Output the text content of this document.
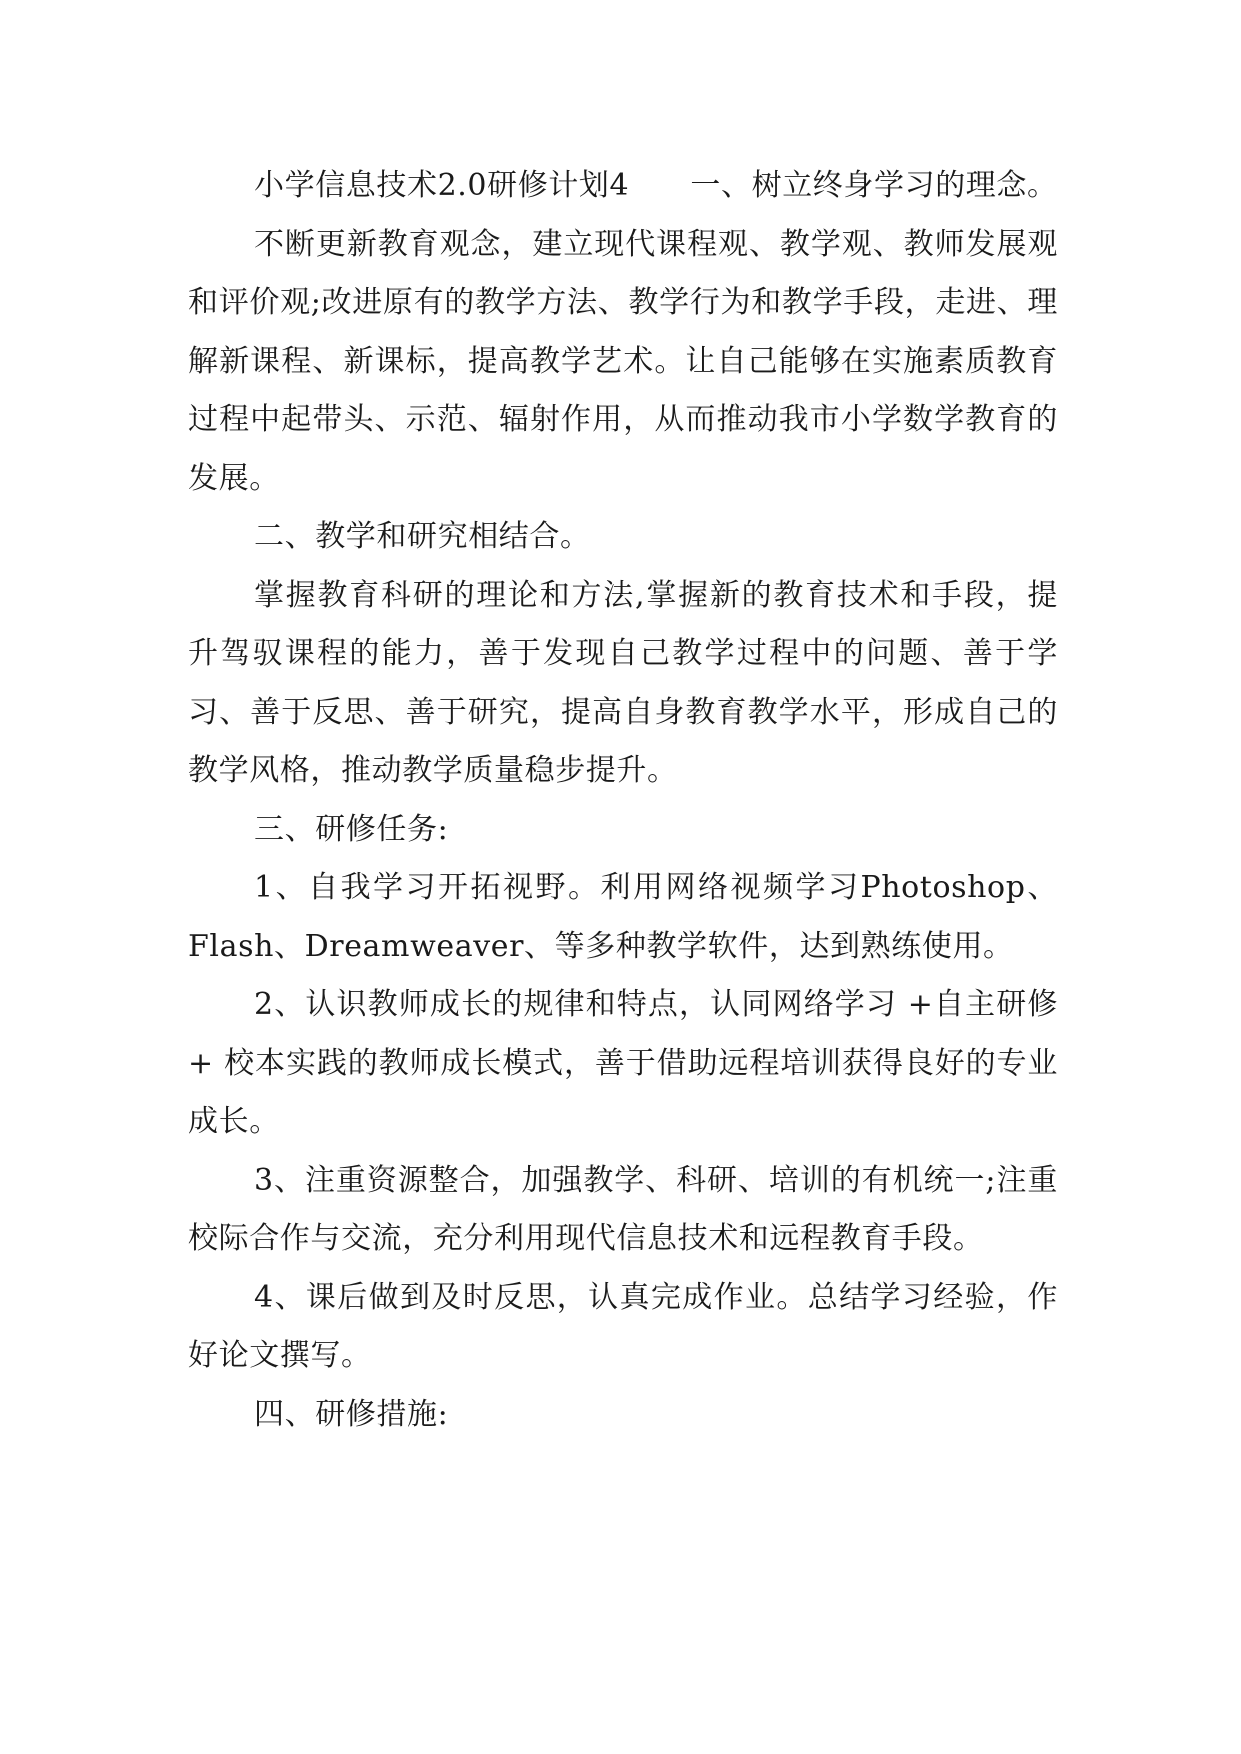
小学信息技术2.0研修计划4　　一、树立终身学习的理念。

不断更新教育观念，建立现代课程观、教学观、教师发展观和评价观;改进原有的教学方法、教学行为和教学手段，走进、理解新课程、新课标，提高教学艺术。让自己能够在实施素质教育过程中起带头、示范、辐射作用，从而推动我市小学数学教育的发展。

二、教学和研究相结合。

掌握教育科研的理论和方法,掌握新的教育技术和手段，提升驾驭课程的能力，善于发现自己教学过程中的问题、善于学习、善于反思、善于研究，提高自身教育教学水平，形成自己的教学风格，推动教学质量稳步提升。

三、研修任务:

1、自我学习开拓视野。利用网络视频学习Photoshop、Flash、Dreamweaver、等多种教学软件，达到熟练使用。

2、认识教师成长的规律和特点，认同网络学习 +自主研修+ 校本实践的教师成长模式，善于借助远程培训获得良好的专业成长。

3、注重资源整合，加强教学、科研、培训的有机统一;注重校际合作与交流，充分利用现代信息技术和远程教育手段。

4、课后做到及时反思，认真完成作业。总结学习经验，作好论文撰写。

四、研修措施:
